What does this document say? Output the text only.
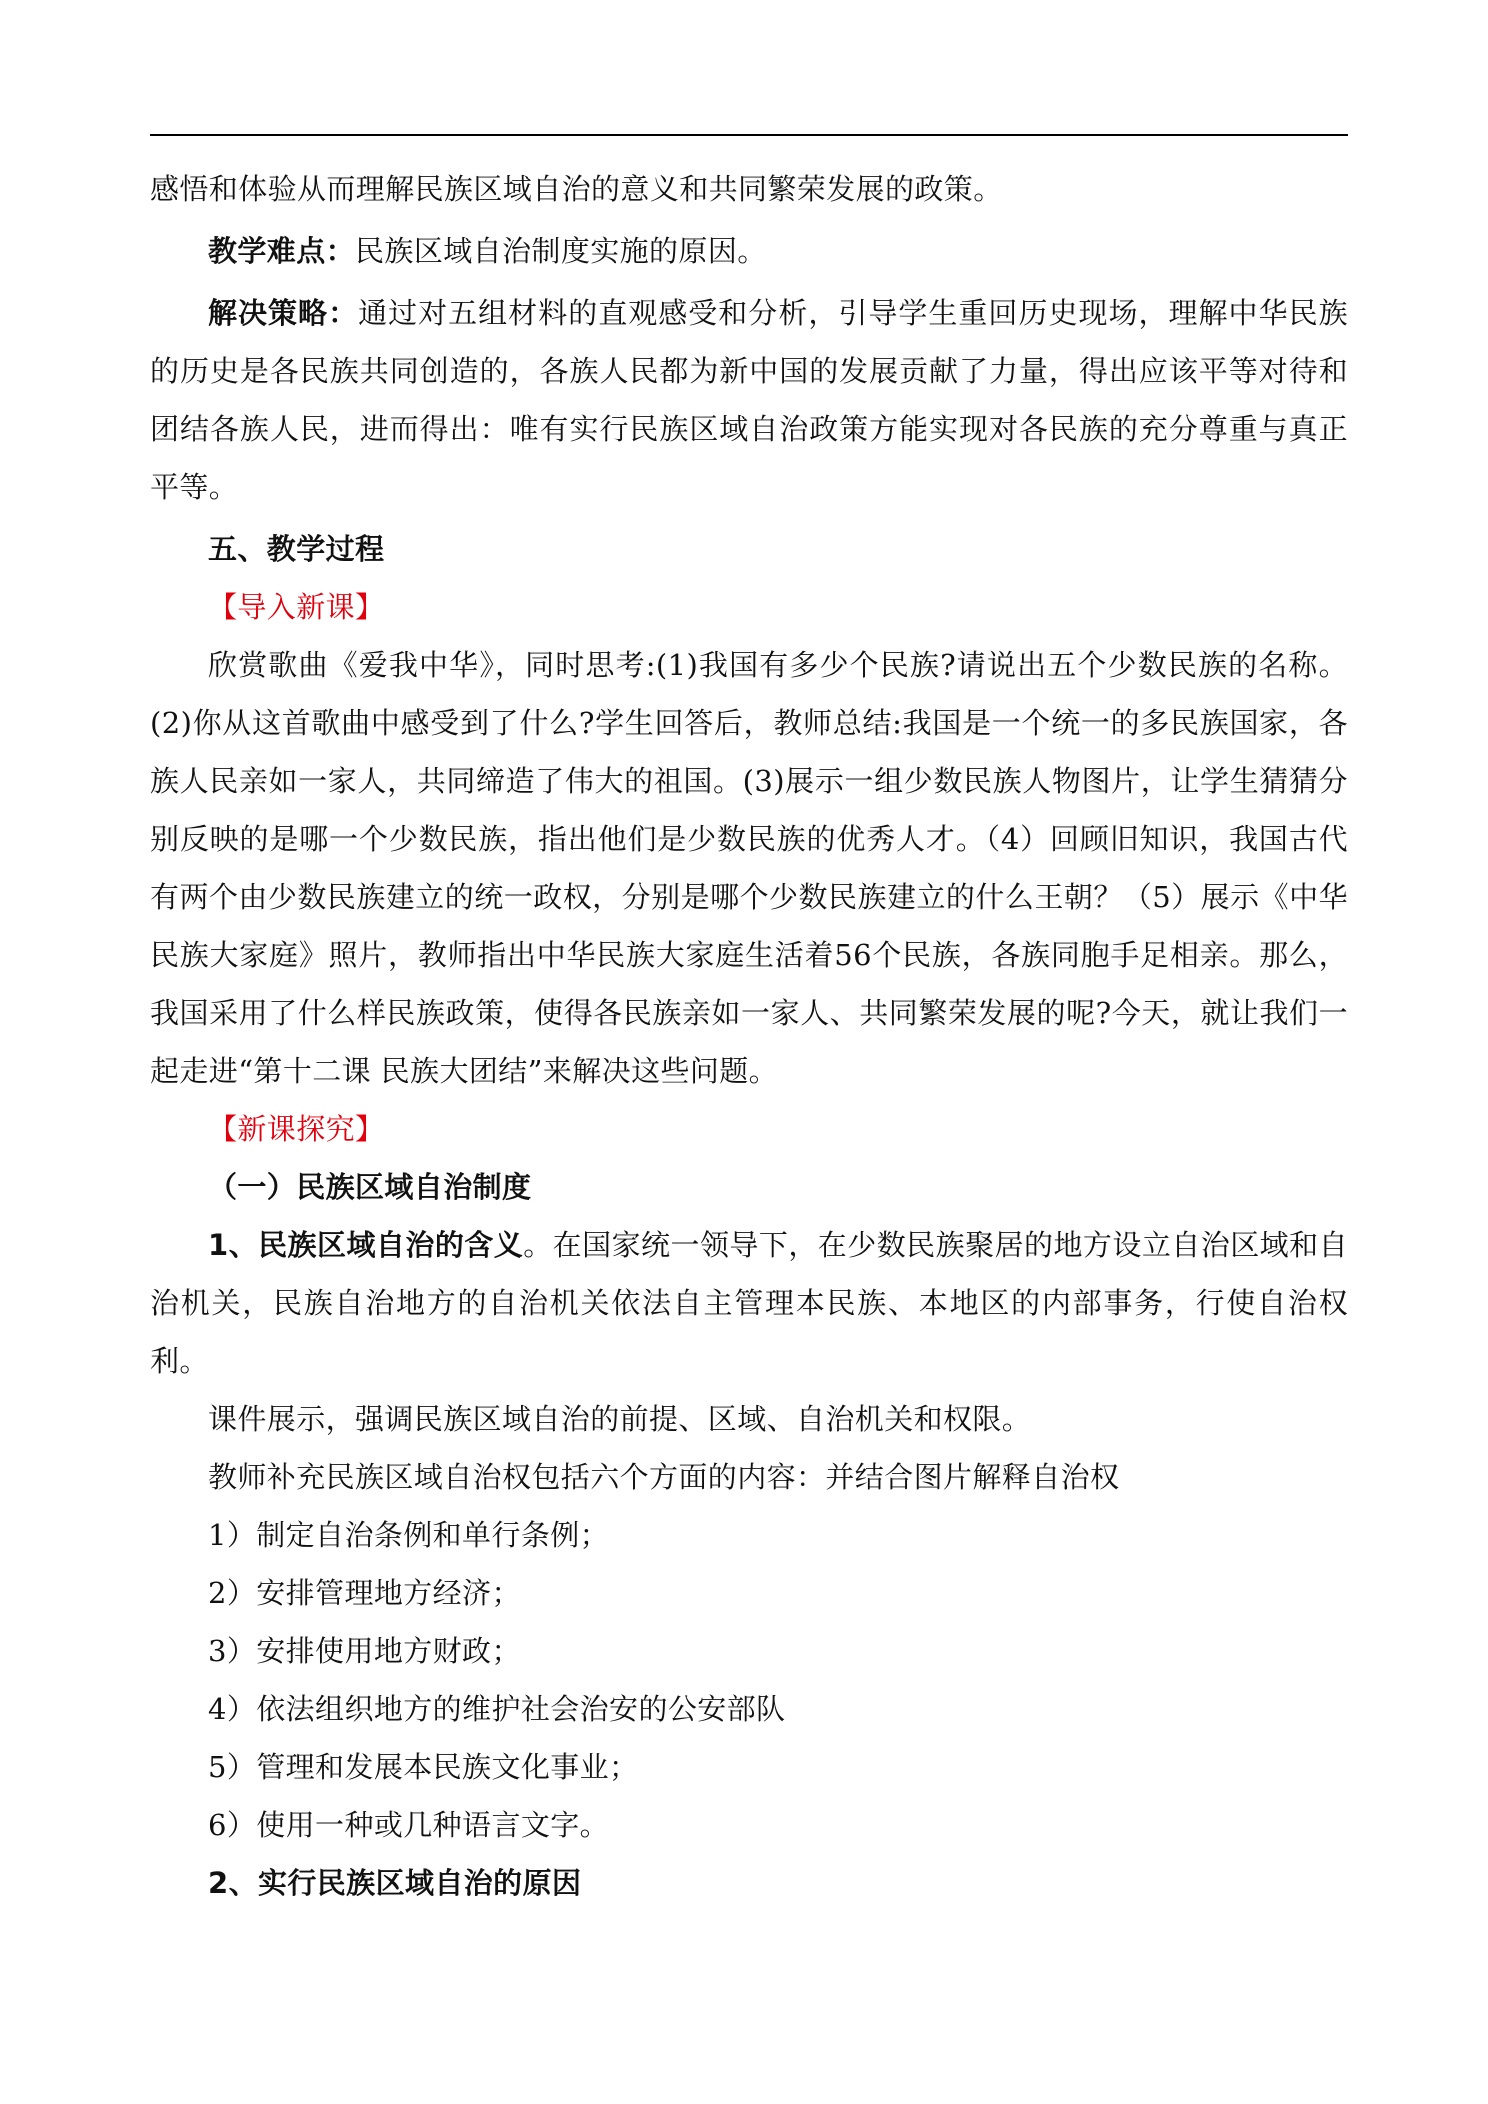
感悟和体验从而理解民族区域自治的意义和共同繁荣发展的政策。

教学难点：民族区域自治制度实施的原因。

解决策略：通过对五组材料的直观感受和分析，引导学生重回历史现场，理解中华民族的历史是各民族共同创造的，各族人民都为新中国的发展贡献了力量，得出应该平等对待和团结各族人民，进而得出：唯有实行民族区域自治政策方能实现对各民族的充分尊重与真正平等。

五、教学过程

【导入新课】

欣赏歌曲《爱我中华》，同时思考:(1)我国有多少个民族?请说出五个少数民族的名称。(2)你从这首歌曲中感受到了什么?学生回答后，教师总结:我国是一个统一的多民族国家，各族人民亲如一家人，共同缔造了伟大的祖国。(3)展示一组少数民族人物图片，让学生猜猜分别反映的是哪一个少数民族，指出他们是少数民族的优秀人才。（4）回顾旧知识，我国古代有两个由少数民族建立的统一政权，分别是哪个少数民族建立的什么王朝？（5）展示《中华民族大家庭》照片，教师指出中华民族大家庭生活着56个民族，各族同胞手足相亲。那么，我国采用了什么样民族政策，使得各民族亲如一家人、共同繁荣发展的呢?今天，就让我们一起走进“第十二课 民族大团结”来解决这些问题。

【新课探究】

（一）民族区域自治制度

1、民族区域自治的含义。在国家统一领导下，在少数民族聚居的地方设立自治区域和自治机关，民族自治地方的自治机关依法自主管理本民族、本地区的内部事务，行使自治权利。

课件展示，强调民族区域自治的前提、区域、自治机关和权限。

教师补充民族区域自治权包括六个方面的内容：并结合图片解释自治权

1）制定自治条例和单行条例；

2）安排管理地方经济；

3）安排使用地方财政；

4）依法组织地方的维护社会治安的公安部队

5）管理和发展本民族文化事业；

6）使用一种或几种语言文字。

2、实行民族区域自治的原因
